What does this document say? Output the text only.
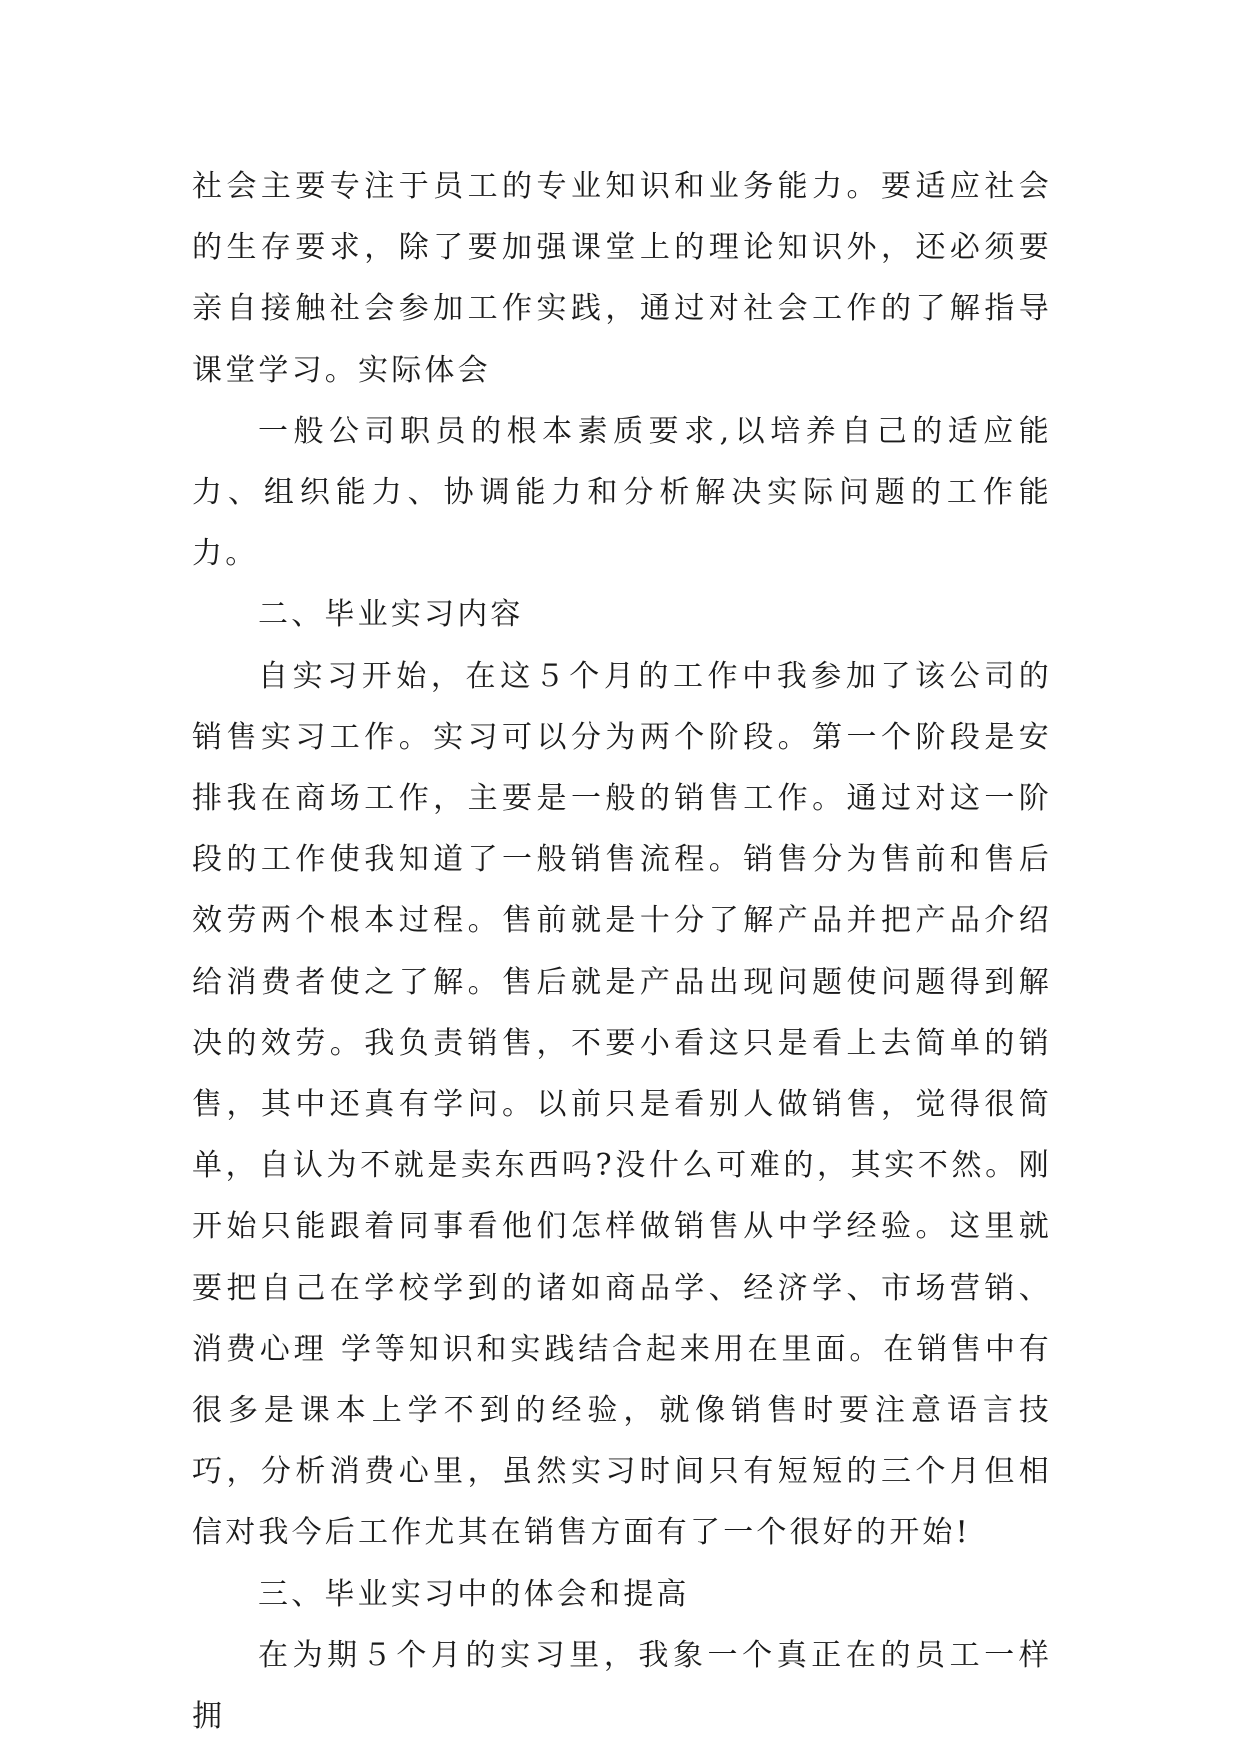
社会主要专注于员工的专业知识和业务能力。要适应社会的生存要求，除了要加强课堂上的理论知识外，还必须要亲自接触社会参加工作实践，通过对社会工作的了解指导课堂学习。实际体会

一般公司职员的根本素质要求,以培养自己的适应能力、组织能力、协调能力和分析解决实际问题的工作能力。

二、毕业实习内容

自实习开始，在这５个月的工作中我参加了该公司的销售实习工作。实习可以分为两个阶段。第一个阶段是安排我在商场工作，主要是一般的销售工作。通过对这一阶段的工作使我知道了一般销售流程。销售分为售前和售后效劳两个根本过程。售前就是十分了解产品并把产品介绍给消费者使之了解。售后就是产品出现问题使问题得到解决的效劳。我负责销售，不要小看这只是看上去简单的销售，其中还真有学问。以前只是看别人做销售，觉得很简单，自认为不就是卖东西吗?没什么可难的，其实不然。刚开始只能跟着同事看他们怎样做销售从中学经验。这里就要把自己在学校学到的诸如商品学、经济学、市场营销、消费心理 学等知识和实践结合起来用在里面。在销售中有很多是课本上学不到的经验，就像销售时要注意语言技巧，分析消费心里，虽然实习时间只有短短的三个月但相信对我今后工作尤其在销售方面有了一个很好的开始!

三、毕业实习中的体会和提高

在为期５个月的实习里，我象一个真正在的员工一样拥
